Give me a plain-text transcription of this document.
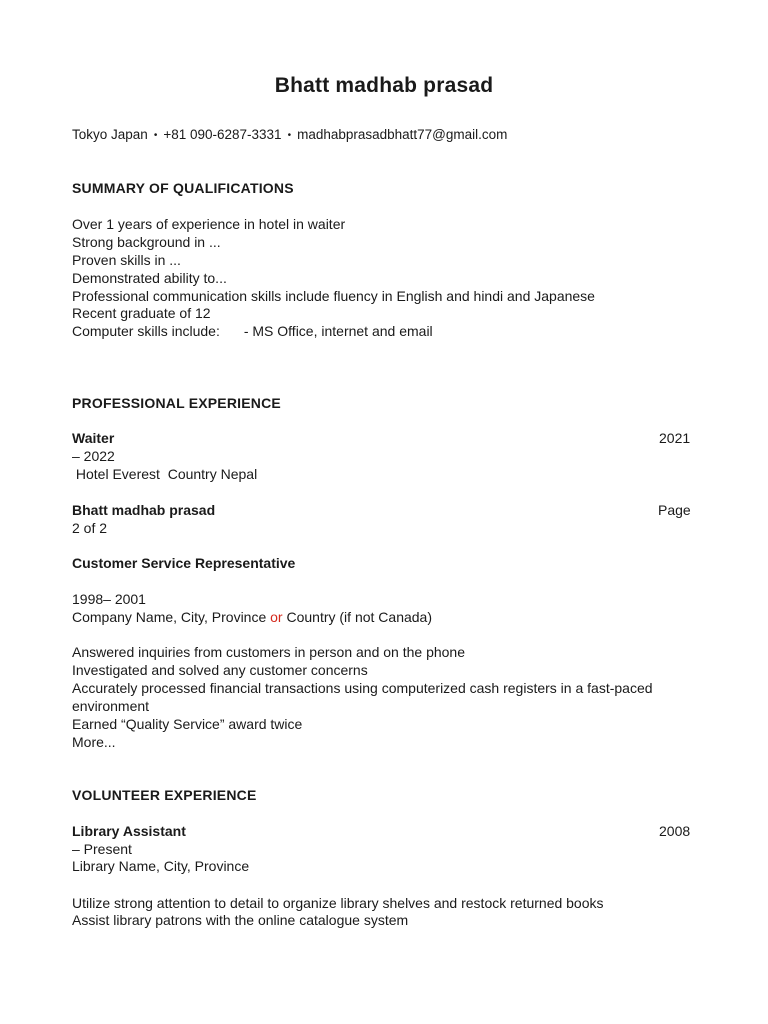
Bhatt madhab prasad
Tokyo Japan • +81 090-6287-3331 • madhabprasadbhatt77@gmail.com
SUMMARY OF QUALIFICATIONS
Over 1 years of experience in hotel in waiter
Strong background in ...
Proven skills in ...
Demonstrated ability to...
Professional communication skills include fluency in English and hindi and Japanese
Recent graduate of 12
Computer skills include: - MS Office, internet and email
PROFESSIONAL EXPERIENCE
Waiter	2021
– 2022
Hotel Everest  Country Nepal
Bhatt madhab prasad	Page
2 of 2
Customer Service Representative
1998– 2001
Company Name, City, Province or Country (if not Canada)
Answered inquiries from customers in person and on the phone
Investigated and solved any customer concerns
Accurately processed financial transactions using computerized cash registers in a fast-paced
environment
Earned “Quality Service” award twice
More...
VOLUNTEER EXPERIENCE
Library Assistant	2008
– Present
Library Name, City, Province
Utilize strong attention to detail to organize library shelves and restock returned books
Assist library patrons with the online catalogue system
